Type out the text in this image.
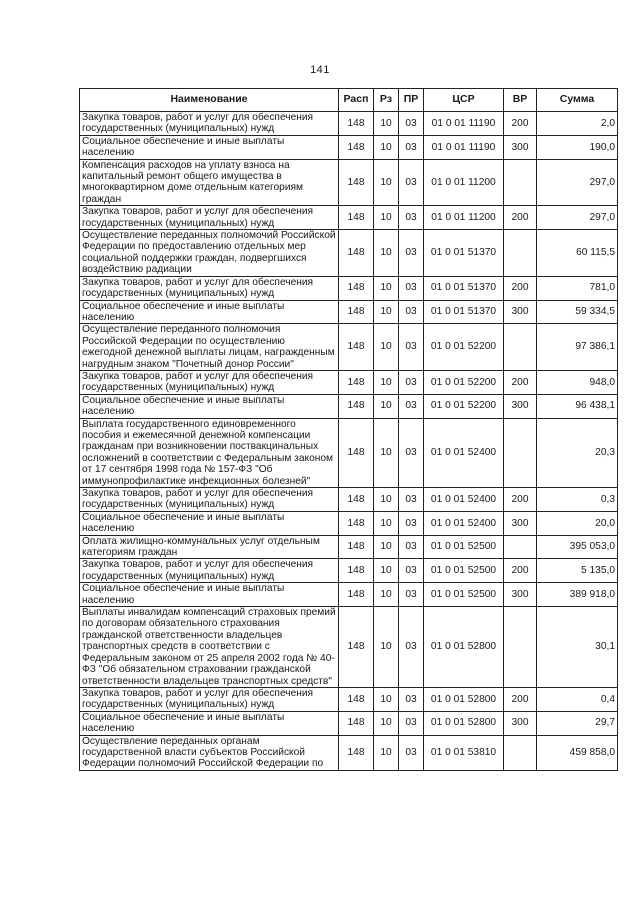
141
Наименование	Расп	Рз	ПР	ЦСР	ВР	Сумма
Закупка товаров, работ и услуг для обеспечения государственных (муниципальных) нужд	148	10	03	01 0 01 11190	200	2,0
Социальное обеспечение и иные выплаты населению	148	10	03	01 0 01 11190	300	190,0
Компенсация расходов на уплату взноса на капитальный ремонт общего имущества в многоквартирном доме отдельным категориям граждан	148	10	03	01 0 01 11200		297,0
Закупка товаров, работ и услуг для обеспечения государственных (муниципальных) нужд	148	10	03	01 0 01 11200	200	297,0
Осуществление переданных полномочий Российской Федерации по предоставлению отдельных мер социальной поддержки граждан, подвергшихся воздействию радиации	148	10	03	01 0 01 51370		60 115,5
Закупка товаров, работ и услуг для обеспечения государственных (муниципальных) нужд	148	10	03	01 0 01 51370	200	781,0
Социальное обеспечение и иные выплаты населению	148	10	03	01 0 01 51370	300	59 334,5
Осуществление переданного полномочия Российской Федерации по осуществлению ежегодной денежной выплаты лицам, награжденным нагрудным знаком "Почетный донор России"	148	10	03	01 0 01 52200		97 386,1
Закупка товаров, работ и услуг для обеспечения государственных (муниципальных) нужд	148	10	03	01 0 01 52200	200	948,0
Социальное обеспечение и иные выплаты населению	148	10	03	01 0 01 52200	300	96 438,1
Выплата государственного единовременного пособия и ежемесячной денежной компенсации гражданам при возникновении поствакцинальных осложнений в соответствии с Федеральным законом от 17 сентября 1998 года № 157-ФЗ "Об иммунопрофилактике инфекционных болезней"	148	10	03	01 0 01 52400		20,3
Закупка товаров, работ и услуг для обеспечения государственных (муниципальных) нужд	148	10	03	01 0 01 52400	200	0,3
Социальное обеспечение и иные выплаты населению	148	10	03	01 0 01 52400	300	20,0
Оплата жилищно-коммунальных услуг отдельным категориям граждан	148	10	03	01 0 01 52500		395 053,0
Закупка товаров, работ и услуг для обеспечения государственных (муниципальных) нужд	148	10	03	01 0 01 52500	200	5 135,0
Социальное обеспечение и иные выплаты населению	148	10	03	01 0 01 52500	300	389 918,0
Выплаты инвалидам компенсаций страховых премий по договорам обязательного страхования гражданской ответственности владельцев транспортных средств в соответствии с Федеральным законом от 25 апреля 2002 года № 40-ФЗ "Об обязательном страховании гражданской ответственности владельцев транспортных средств"	148	10	03	01 0 01 52800		30,1
Закупка товаров, работ и услуг для обеспечения государственных (муниципальных) нужд	148	10	03	01 0 01 52800	200	0,4
Социальное обеспечение и иные выплаты населению	148	10	03	01 0 01 52800	300	29,7
Осуществление переданных органам государственной власти субъектов Российской Федерации полномочий Российской Федерации по	148	10	03	01 0 01 53810		459 858,0
